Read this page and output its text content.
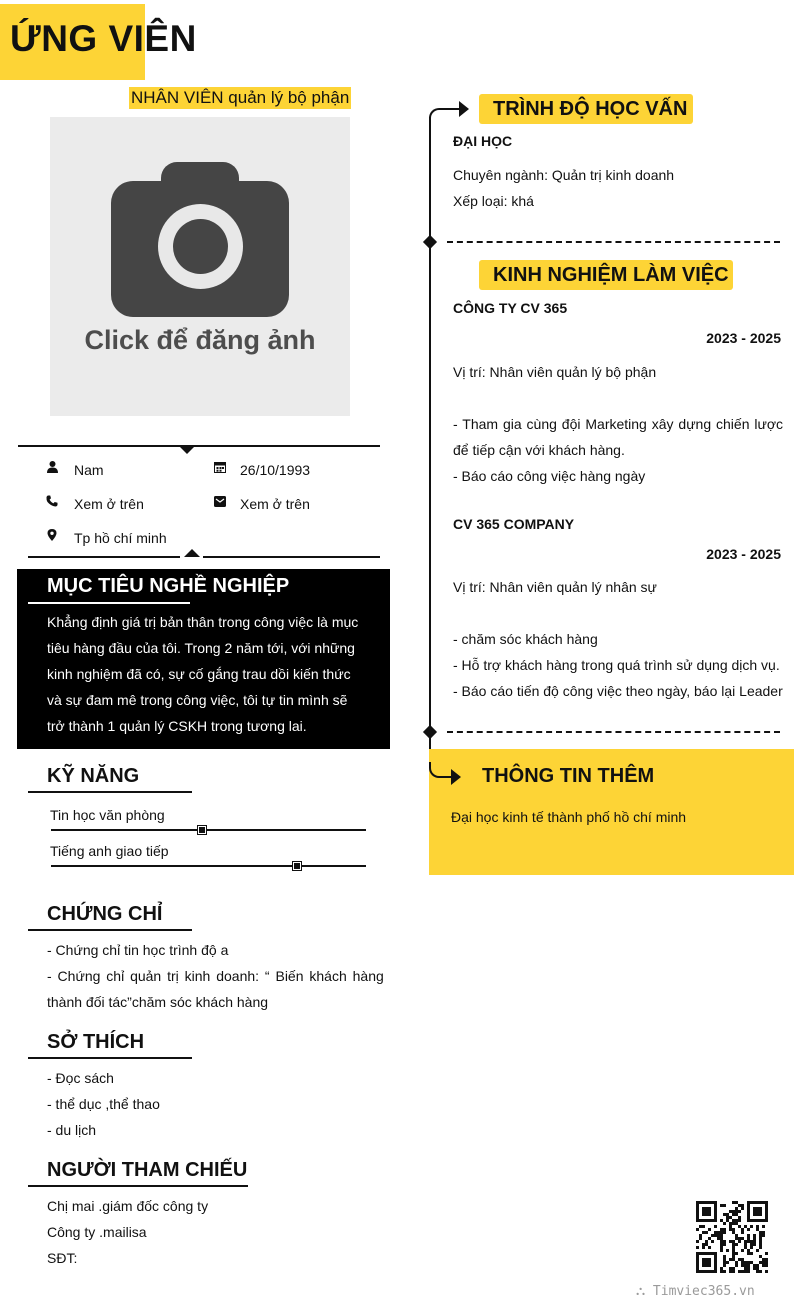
ỨNG VIÊN
NHÂN VIÊN quản lý bộ phận
Click để đăng ảnh
Nam	26/10/1993
Xem ở trên	Xem ở trên
Tp hồ chí minh
MỤC TIÊU NGHỀ NGHIỆP
Khẳng định giá trị bản thân trong công việc là mục
tiêu hàng đầu của tôi. Trong 2 năm tới, với những
kinh nghiệm đã có, sự cố gắng trau dồi kiến thức
và sự đam mê trong công việc, tôi tự tin mình sẽ
trở thành 1 quản lý CSKH trong tương lai.
KỸ NĂNG
Tin học văn phòng
Tiếng anh giao tiếp
CHỨNG CHỈ
- Chứng chỉ tin học trình độ a
- Chứng chỉ quản trị kinh doanh: “ Biến khách hàng
thành đối tác”chăm sóc khách hàng
SỞ THÍCH
- Đọc sách
- thể dục ,thể thao
- du lịch
NGƯỜI THAM CHIẾU
Chị mai .giám đốc công ty
Công ty .mailisa
SĐT:
TRÌNH ĐỘ HỌC VẤN
ĐẠI HỌC
Chuyên ngành: Quản trị kinh doanh
Xếp loại: khá
KINH NGHIỆM LÀM VIỆC
CÔNG TY CV 365
2023 - 2025
Vị trí: Nhân viên quản lý bộ phận
- Tham gia cùng đội Marketing xây dựng chiến lược
để tiếp cận với khách hàng.
- Báo cáo công việc hàng ngày
CV 365 COMPANY
2023 - 2025
Vị trí: Nhân viên quản lý nhân sự
- chăm sóc khách hàng
- Hỗ trợ khách hàng trong quá trình sử dụng dịch vụ.
- Báo cáo tiến độ công việc theo ngày, báo lại Leader
THÔNG TIN THÊM
Đại học kinh tế thành phố hồ chí minh
⛬ Timviec365.vn
